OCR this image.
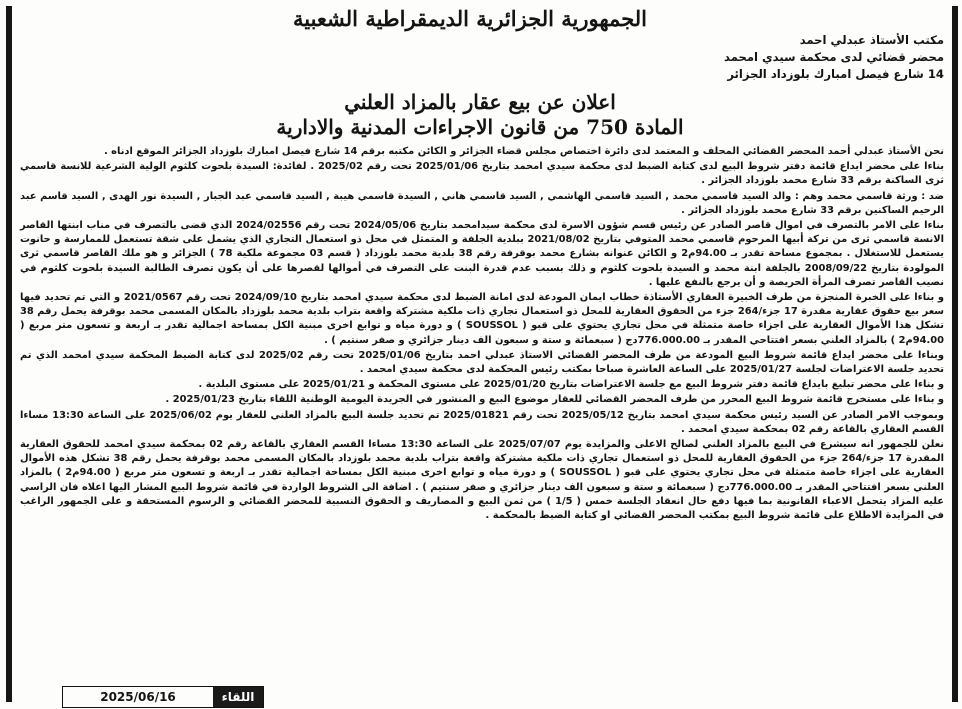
الجمهورية الجزائرية الديمقراطية الشعبية
مكتب الأستاذ عبدلي احمد
محضر قضائي لدى محكمة سيدي امحمد
14 شارع فيصل امبارك بلوزداد الجزائر
اعلان عن بيع عقار بالمزاد العلني
المادة 750 من قانون الاجراءات المدنية والادارية

نحن الأستاذ عبدلي أحمد المحضر القضائي المحلف و المعتمد لدى دائرة اختصاص مجلس قضاء الجزائر و الكائن مكتبه برقم 14 شارع فيصل امبارك بلوزداد الجزائر الموقع ادناه .

بناءا على محضر ايداع قائمة دفتر شروط البيع لدى كتابة الضبط لدى محكمة سيدي امحمد بتاريخ 2025/01/06 تحت رقم 2025/02 . لفائدة: السيدة بلحوت كلثوم الولية الشرعية للانسة قاسمي ثرى الساكنة برقم 33 شارع محمد بلوزداد الجزائر .

ضد : ورثة قاسمي محمد وهم : والد السيد قاسمي محمد , السيد قاسمي الهاشمي , السيد قاسمي هاني , السيدة قاسمي هيبة , السيد قاسمي عبد الجبار , السيدة نور الهدى , السيد قاسم عبد الرحيم الساكنين برقم 33 شارع محمد بلوزداد الجزائر .

بناءا على الامر بالتصرف في اموال قاصر الصادر عن رئيس قسم شؤون الاسرة لدى محكمة سيدامحمد بتاريخ 2024/05/06 تحت رقم 2024/02556 الذي قضى بالتصرف في مناب ابنتها القاصر الانسة قاسمي ثرى من تركة أبيها المرحوم قاسمي محمد المتوفي بتاريخ 2021/08/02 ببلدية الجلفة و المتمثل في محل ذو استعمال التجاري الذي يشمل على شقة تستعمل للممارسة و حانوت يستعمل للاستغلال . بمجموع مساحة تقدر بـ 94.00م2 و الكائن عنوانه بشارع محمد بوقرفة رقم 38 بلدية محمد بلوزداد ( قسم 03 مجموعة ملكية 78 ) الجزائر و هو ملك القاصر قاسمي ثرى المولودة بتاريخ 2008/09/22 بالجلفة ابنة محمد و السيدة بلحوت كلثوم و ذلك بسبب عدم قدرة البنت على التصرف في أموالها لقصرها على أن يكون تصرف الطالبة السيدة بلحوت كلثوم في نصيب القاصر تصرف المرأة الحريصة و أن يرجع بالنفع عليها .

و بناءا على الخبرة المنجزة من طرف الخبيرة العقاري الأستاذة خطاب ايمان المودعة لدى امانة الضبط لدى محكمة سيدي امحمد بتاريخ 2024/09/10 تحت رقم 2021/0567 و التي تم تحديد فيها سعر بيع حقوق عقارية مقدرة 17 جزء/264 جزء من الحقوق العقارية للمحل ذو استعمال تجاري ذات ملكية مشتركة واقعة بتراب بلدية محمد بلوزداد بالمكان المسمى محمد بوقرفة يحمل رقم 38 تشكل هذا الأموال العقارية على اجزاء خاصة متمثلة في محل تجاري يحتوي على قبو ( SOUSSOL ) و دورة مياه و توابع اخرى مبنية الكل بمساحة اجمالية تقدر بـ اربعة و تسعون متر مربع ( 94.00م2 ) بالمزاد العلني بسعر افتتاحي المقدر بـ 776.000.00دج ( سبعمائة و ستة و سبعون الف دينار جزائري و صفر سنتيم ) .

وبناءا على محضر ايداع قائمة شروط البيع المودعة من طرف المحضر القضائي الاستاذ عبدلي احمد بتاريخ 2025/01/06 تحت رقم 2025/02 لدى كتابة الضبط المحكمة سيدي امحمد الذي تم تحديد جلسة الاعتراضات لجلسة 2025/01/27 على الساعة العاشرة صباحا بمكتب رئيس المحكمة لدى محكمة سيدي امحمد .

و بناءا على محضر تبليغ بايداع قائمة دفتر شروط البيع مع جلسة الاعتراضات بتاريخ 2025/01/20 على مستوى المحكمة و 2025/01/21 على مستوى البلدية .

و بناءا على مستخرج قائمة شروط البيع المحرر من طرف المحضر القضائي للعقار موضوع البيع و المنشور في الجريدة اليومية الوطنية اللقاء بتاريخ 2025/01/23 .

وبموجب الامر الصادر عن السيد رئيس محكمة سيدي امحمد بتاريخ 2025/05/12 تحت رقم 2025/01821 تم تحديد جلسة البيع بالمزاد العلني للعقار يوم 2025/06/02 على الساعة 13:30 مساءا القسم العقاري بالقاعة رقم 02 بمحكمة سيدي امحمد .

نعلن للجمهور انه سيشرع في البيع بالمزاد العلني لصالح الاعلى والمزايدة يوم 2025/07/07 على الساعة 13:30 مساءا القسم العقاري بالقاعة رقم 02 بمحكمة سيدي امحمد للحقوق العقارية المقدرة 17 جزء/264 جزء من الحقوق العقارية للمحل ذو استعمال تجاري ذات ملكية مشتركة واقعة بتراب بلدية محمد بلوزداد بالمكان المسمى محمد بوقرفة يحمل رقم 38 تشكل هذه الأموال العقارية على اجزاء خاصة متمثلة في محل تجاري يحتوي على قبو ( SOUSSOL ) و دورة مياه و توابع اخرى مبنية الكل بمساحة اجمالية تقدر بـ اربعة و تسعون متر مربع ( 94.00م2 ) بالمزاد العلني بسعر افتتاحي المقدر بـ 776.000.00دج ( سبعمائة و ستة و سبعون الف دينار جزائري و صفر سنتيم ) . اضافة الى الشروط الواردة في قائمة شروط البيع المشار اليها اعلاه فان الراسي عليه المزاد يتحمل الاعباء القانونية بما فيها دفع حال انعقاد الجلسة خمس ( 1/5 ) من ثمن البيع و المصاريف و الحقوق النسبية للمحضر القضائي و الرسوم المستحقة و على الجمهور الراغب في المزايدة الاطلاع على قائمة شروط البيع بمكتب المحضر القضائي او كتابة الضبط بالمحكمة .

اللقاء
2025/06/16
